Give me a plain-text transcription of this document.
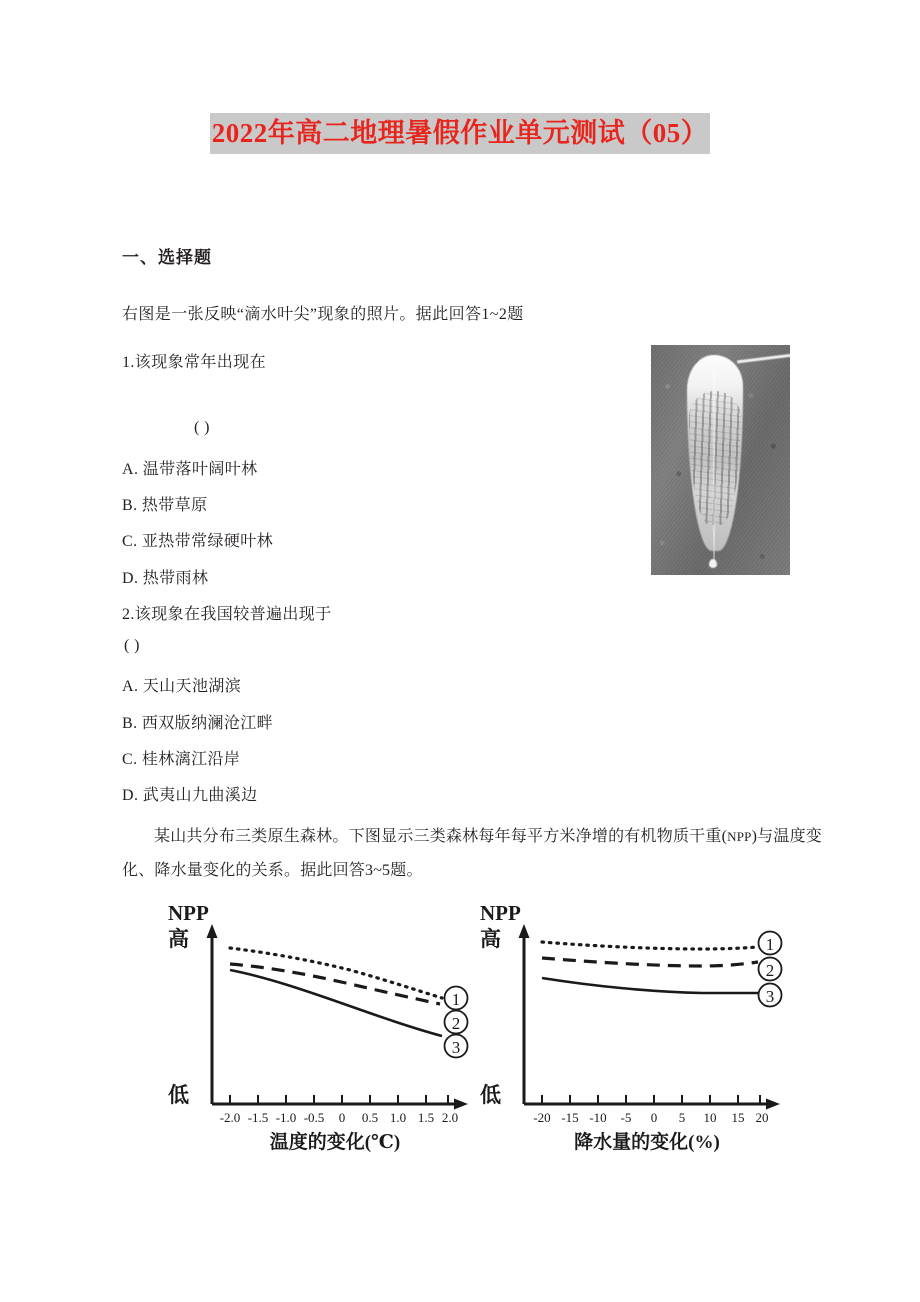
2022年高二地理暑假作业单元测试（05）
一、选择题
右图是一张反映“滴水叶尖”现象的照片。据此回答1~2题
1.该现象常年出现在
( )
A. 温带落叶阔叶林
B. 热带草原
C. 亚热带常绿硬叶林
D. 热带雨林
2.该现象在我国较普遍出现于
( )
A. 天山天池湖滨
B. 西双版纳澜沧江畔
C. 桂林漓江沿岸
D. 武夷山九曲溪边
某山共分布三类原生森林。下图显示三类森林每年每平方米净增的有机物质干重(NPP)与温度变化、降水量变化的关系。据此回答3~5题。
NPP
高
低
-2.0 -1.5 -1.0 -0.5 0 0.5 1.0 1.5 2.0
温度的变化(℃)
1
2
3
NPP
高
低
-20 -15 -10 -5 0 5 10 15 20
降水量的变化(%)
1
2
3
